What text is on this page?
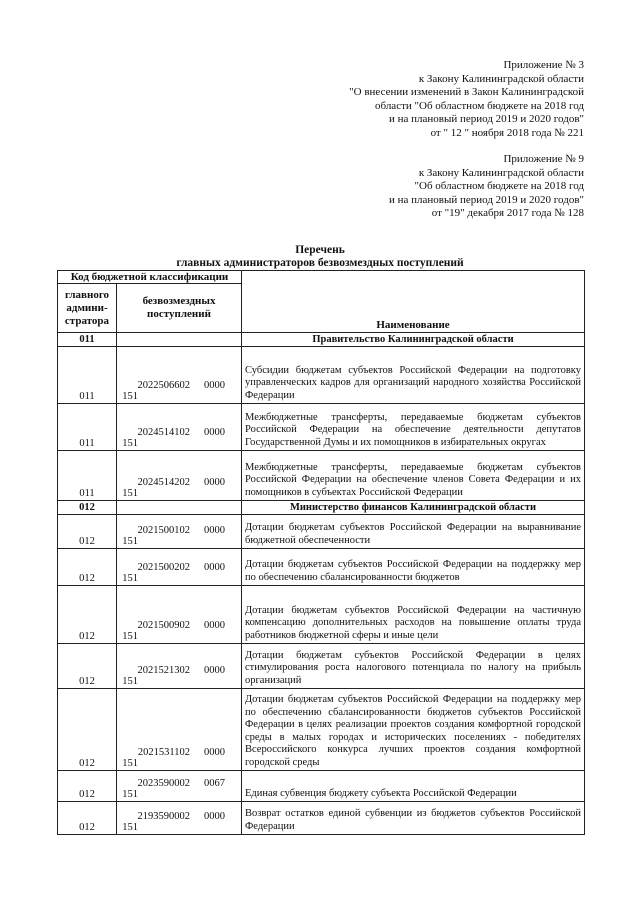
Приложение № 3
к Закону Калининградской области
"О внесении изменений в Закон Калининградской
области "Об областном бюджете на 2018 год
и на плановый период 2019 и 2020 годов"
от " 12 " ноября 2018 года № 221
Приложение № 9
к Закону Калининградской области
"Об областном бюджете на 2018 год
и на плановый период 2019 и 2020 годов"
от "19" декабря 2017 года № 128
Перечень
главных администраторов безвозмездных поступлений
Код бюджетной классификации		Наименование
главного админи- стратора	безвозмездных поступлений	
011		Правительство Калининградской области
011	2022506602 0000151	Субсидии бюджетам субъектов Российской Федерации на подготовку управленческих кадров для организаций народного хозяйства Российской Федерации
011	2024514102 0000151	Межбюджетные трансферты, передаваемые бюджетам субъектов Российской Федерации на обеспечение деятельности депутатов Государственной Думы и их помощников в избирательных округах
011	2024514202 0000151	Межбюджетные трансферты, передаваемые бюджетам субъектов Российской Федерации на обеспечение членов Совета Федерации и их помощников в субъектах Российской Федерации
012		Министерство финансов Калининградской области
012	2021500102 0000151	Дотации бюджетам субъектов Российской Федерации на выравнивание бюджетной обеспеченности
012	2021500202 0000151	Дотации бюджетам субъектов Российской Федерации на поддержку мер по обеспечению сбалансированности бюджетов
012	2021500902 0000151	Дотации бюджетам субъектов Российской Федерации на частичную компенсацию дополнительных расходов на повышение оплаты труда работников бюджетной сферы и иные цели
012	2021521302 0000151	Дотации бюджетам субъектов Российской Федерации в целях стимулирования роста налогового потенциала по налогу на прибыль организаций
012	2021531102 0000151	Дотации бюджетам субъектов Российской Федерации на поддержку мер по обеспечению сбалансированности бюджетов субъектов Российской Федерации в целях реализации проектов создания комфортной городской среды в малых городах и исторических поселениях - победителях Всероссийского конкурса лучших проектов создания комфортной городской среды
012	2023590002 0067151	Единая субвенция бюджету субъекта Российской Федерации
012	2193590002 0000151	Возврат остатков единой субвенции из бюджетов субъектов Российской Федерации
